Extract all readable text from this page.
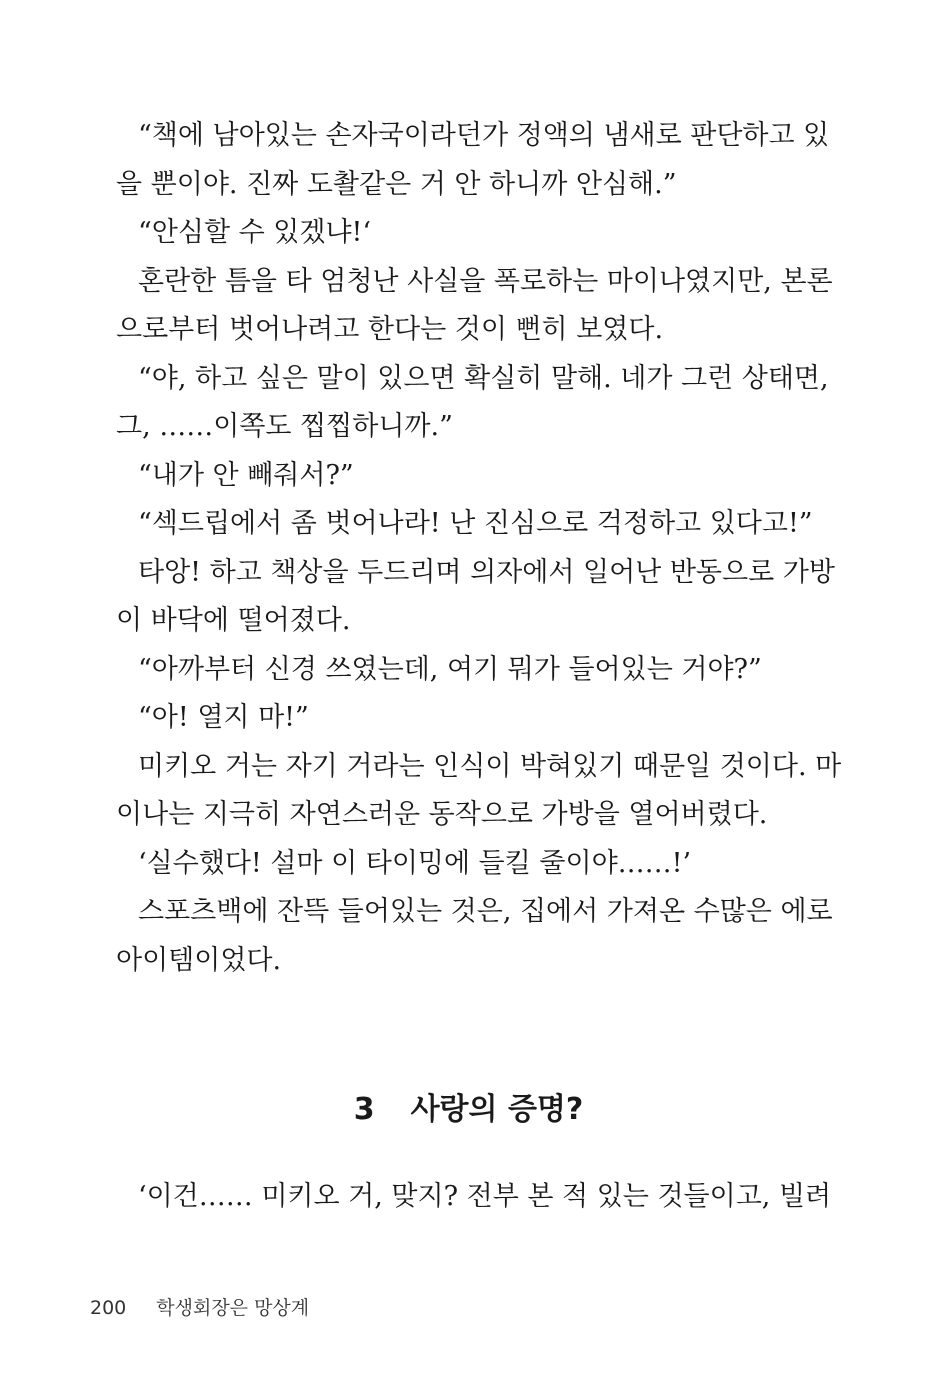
“책에 남아있는 손자국이라던가 정액의 냄새로 판단하고 있
을 뿐이야. 진짜 도촬같은 거 안 하니까 안심해.”
“안심할 수 있겠냐!‘
혼란한 틈을 타 엄청난 사실을 폭로하는 마이나였지만, 본론
으로부터 벗어나려고 한다는 것이 뻔히 보였다.
“야, 하고 싶은 말이 있으면 확실히 말해. 네가 그런 상태면,
그, ……이쪽도 찝찝하니까.”
“내가 안 빼줘서?”
“섹드립에서 좀 벗어나라! 난 진심으로 걱정하고 있다고!”
타앙! 하고 책상을 두드리며 의자에서 일어난 반동으로 가방
이 바닥에 떨어졌다.
“아까부터 신경 쓰였는데, 여기 뭐가 들어있는 거야?”
“아! 열지 마!”
미키오 거는 자기 거라는 인식이 박혀있기 때문일 것이다. 마
이나는 지극히 자연스러운 동작으로 가방을 열어버렸다.
‘실수했다! 설마 이 타이밍에 들킬 줄이야……!’
스포츠백에 잔뜩 들어있는 것은, 집에서 가져온 수많은 에로
아이템이었다.
3 사랑의 증명?
‘이건…… 미키오 거, 맞지? 전부 본 적 있는 것들이고, 빌려
200 학생회장은 망상계
